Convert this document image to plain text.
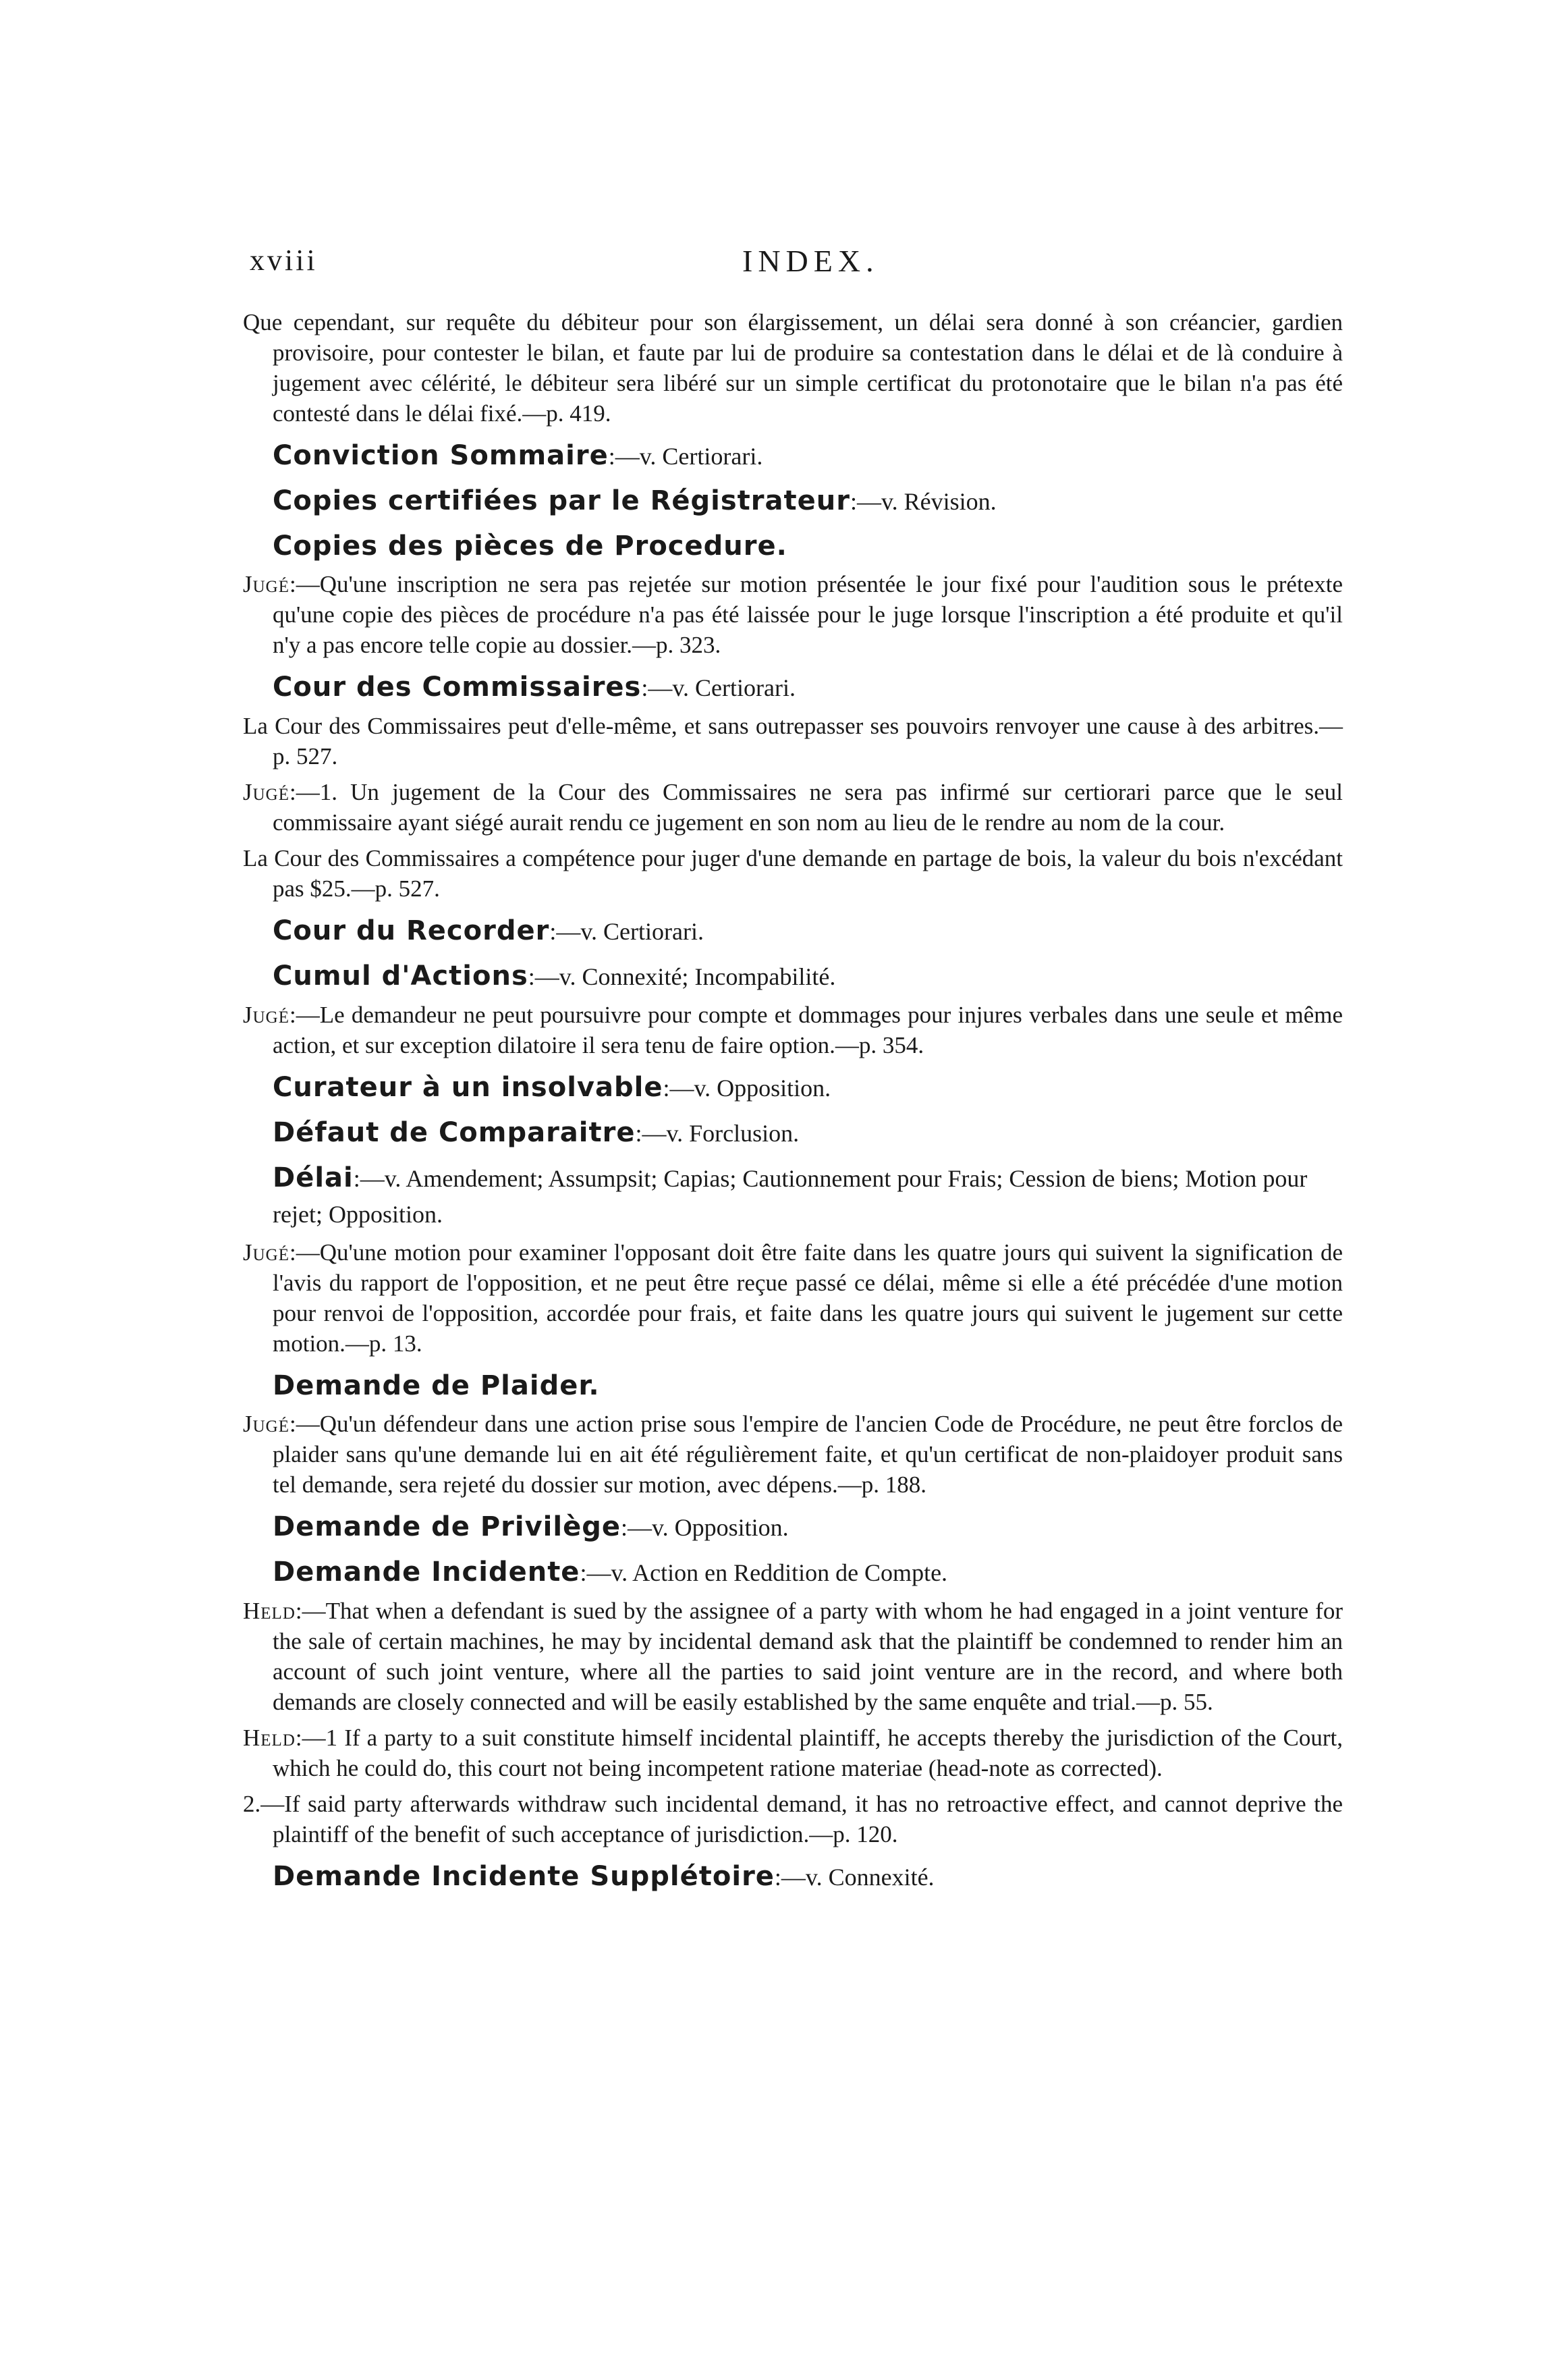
xviii	INDEX.

Que cependant, sur requête du débiteur pour son élargissement, un délai sera donné à son créancier, gardien provisoire, pour contester le bilan, et faute par lui de produire sa contestation dans le délai et de là conduire à jugement avec célérité, le débiteur sera libéré sur un simple certificat du protonotaire que le bilan n'a pas été contesté dans le délai fixé.—p. 419.

Conviction Sommaire:—v. Certiorari.
Copies certifiées par le Régistrateur:—v. Révision.
Copies des pièces de Procedure.

Jugé:—Qu'une inscription ne sera pas rejetée sur motion présentée le jour fixé pour l'audition sous le prétexte qu'une copie des pièces de procédure n'a pas été laissée pour le juge lorsque l'inscription a été produite et qu'il n'y a pas encore telle copie au dossier.—p. 323.

Cour des Commissaires:—v. Certiorari.

La Cour des Commissaires peut d'elle-même, et sans outrepasser ses pouvoirs renvoyer une cause à des arbitres.—p. 527.

Jugé:—1. Un jugement de la Cour des Commissaires ne sera pas infirmé sur certiorari parce que le seul commissaire ayant siégé aurait rendu ce jugement en son nom au lieu de le rendre au nom de la cour.

La Cour des Commissaires a compétence pour juger d'une demande en partage de bois, la valeur du bois n'excédant pas $25.—p. 527.

Cour du Recorder:—v. Certiorari.
Cumul d'Actions:—v. Connexité; Incompabilité.

Jugé:—Le demandeur ne peut poursuivre pour compte et dommages pour injures verbales dans une seule et même action, et sur exception dilatoire il sera tenu de faire option.—p. 354.

Curateur à un insolvable:—v. Opposition.
Défaut de Comparaitre:—v. Forclusion.
Délai:—v. Amendement; Assumpsit; Capias; Cautionnement pour Frais; Cession de biens; Motion pour rejet; Opposition.

Jugé:—Qu'une motion pour examiner l'opposant doit être faite dans les quatre jours qui suivent la signification de l'avis du rapport de l'opposition, et ne peut être reçue passé ce délai, même si elle a été précédée d'une motion pour renvoi de l'opposition, accordée pour frais, et faite dans les quatre jours qui suivent le jugement sur cette motion.—p. 13.

Demande de Plaider.

Jugé:—Qu'un défendeur dans une action prise sous l'empire de l'ancien Code de Procédure, ne peut être forclos de plaider sans qu'une demande lui en ait été régulièrement faite, et qu'un certificat de non-plaidoyer produit sans tel demande, sera rejeté du dossier sur motion, avec dépens.—p. 188.

Demande de Privilège:—v. Opposition.
Demande Incidente:—v. Action en Reddition de Compte.

Held:—That when a defendant is sued by the assignee of a party with whom he had engaged in a joint venture for the sale of certain machines, he may by incidental demand ask that the plaintiff be condemned to render him an account of such joint venture, where all the parties to said joint venture are in the record, and where both demands are closely connected and will be easily established by the same enquête and trial.—p. 55.

Held:—1 If a party to a suit constitute himself incidental plaintiff, he accepts thereby the jurisdiction of the Court, which he could do, this court not being incompetent ratione materiae (head-note as corrected).

2.—If said party afterwards withdraw such incidental demand, it has no retroactive effect, and cannot deprive the plaintiff of the benefit of such acceptance of jurisdiction.—p. 120.

Demande Incidente Supplétoire:—v. Connexité.
